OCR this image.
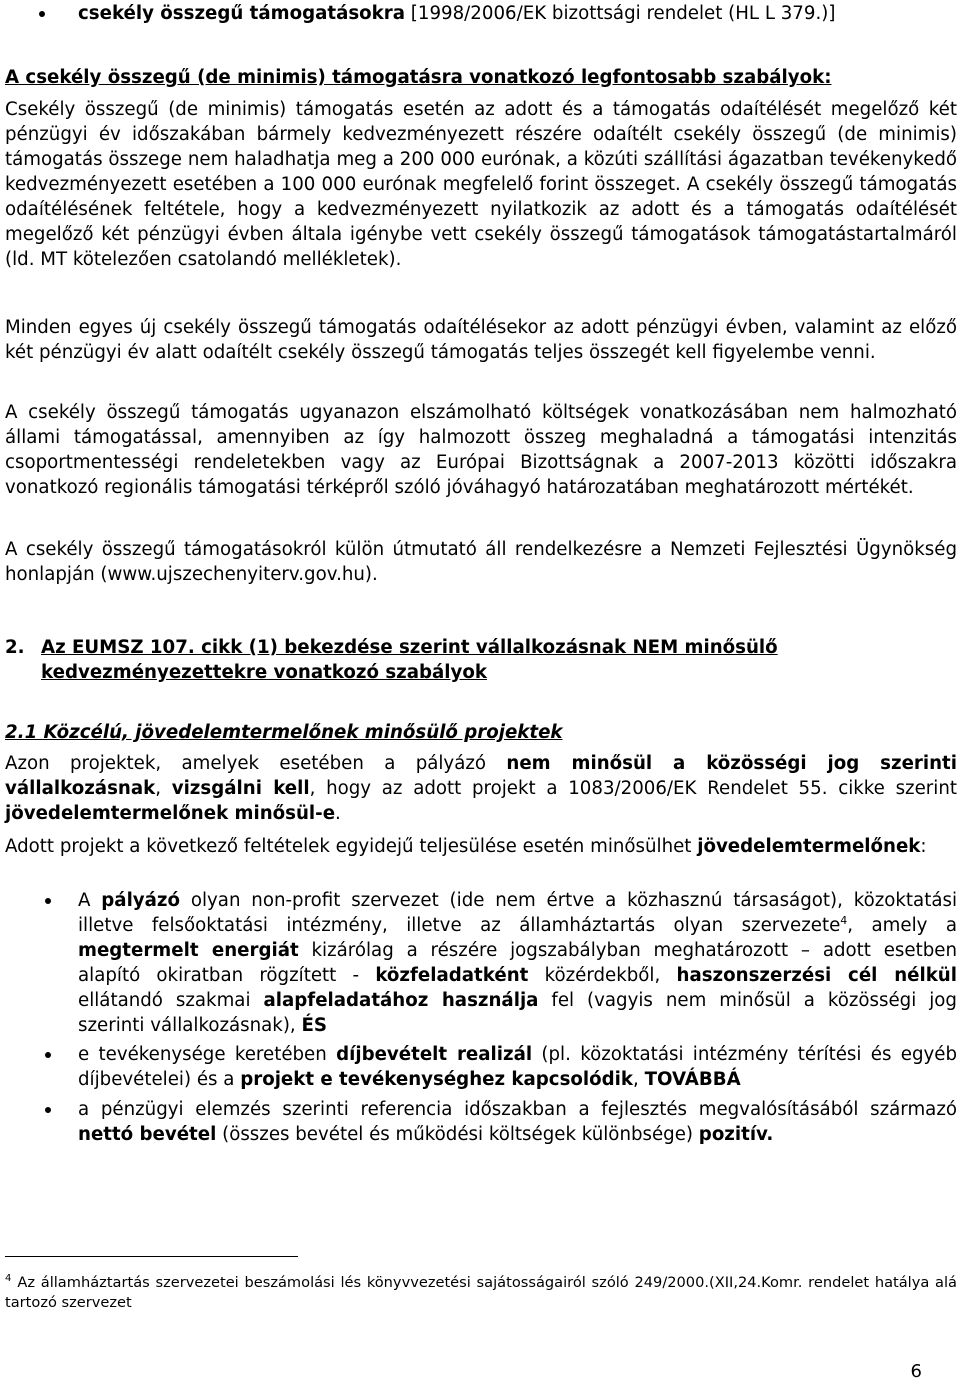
csekély összegű támogatásokra [1998/2006/EK bizottsági rendelet (HL L 379.)]

A csekély összegű (de minimis) támogatásra vonatkozó legfontosabb szabályok:

Csekély összegű (de minimis) támogatás esetén az adott és a támogatás odaítélését megelőző két pénzügyi év időszakában bármely kedvezményezett részére odaítélt csekély összegű (de minimis) támogatás összege nem haladhatja meg a 200 000 eurónak, a közúti szállítási ágazatban tevékenykedő kedvezményezett esetében a 100 000 eurónak megfelelő forint összeget. A csekély összegű támogatás odaítélésének feltétele, hogy a kedvezményezett nyilatkozik az adott és a támogatás odaítélését megelőző két pénzügyi évben általa igénybe vett csekély összegű támogatások támogatástartalmáról (ld. MT kötelezően csatolandó mellékletek).

Minden egyes új csekély összegű támogatás odaítélésekor az adott pénzügyi évben, valamint az előző két pénzügyi év alatt odaítélt csekély összegű támogatás teljes összegét kell figyelembe venni.

A csekély összegű támogatás ugyanazon elszámolható költségek vonatkozásában nem halmozható állami támogatással, amennyiben az így halmozott összeg meghaladná a támogatási intenzitás csoportmentességi rendeletekben vagy az Európai Bizottságnak a 2007-2013 közötti időszakra vonatkozó regionális támogatási térképről szóló jóváhagyó határozatában meghatározott mértékét.

A csekély összegű támogatásokról külön útmutató áll rendelkezésre a Nemzeti Fejlesztési Ügynökség honlapján (www.ujszechenyiterv.gov.hu).

2. Az EUMSZ 107. cikk (1) bekezdése szerint vállalkozásnak NEM minősülő kedvezményezettekre vonatkozó szabályok

2.1 Közcélú, jövedelemtermelőnek minősülő projektek

Azon projektek, amelyek esetében a pályázó nem minősül a közösségi jog szerinti vállalkozásnak, vizsgálni kell, hogy az adott projekt a 1083/2006/EK Rendelet 55. cikke szerint jövedelemtermelőnek minősül-e.

Adott projekt a következő feltételek egyidejű teljesülése esetén minősülhet jövedelemtermelőnek:

A pályázó olyan non-profit szervezet (ide nem értve a közhasznú társaságot), közoktatási illetve felsőoktatási intézmény, illetve az államháztartás olyan szervezete$^4$, amely a megtermelt energiát kizárólag a részére jogszabályban meghatározott – adott esetben alapító okiratban rögzített - közfeladatként közérdekből, haszonszerzési cél nélkül ellátandó szakmai alapfeladatához használja fel (vagyis nem minősül a közösségi jog szerinti vállalkozásnak), ÉS
e tevékenysége keretében díjbevételt realizál (pl. közoktatási intézmény térítési és egyéb díjbevételei) és a projekt e tevékenységhez kapcsolódik, TOVÁBBÁ
a pénzügyi elemzés szerinti referencia időszakban a fejlesztés megvalósításából származó nettó bevétel (összes bevétel és működési költségek különbsége) pozitív.
$^4$ Az államháztartás szervezetei beszámolási lés könyvvezetési sajátosságairól szóló 249/2000.(XII,24.Komr. rendelet hatálya alá tartozó szervezet
6
